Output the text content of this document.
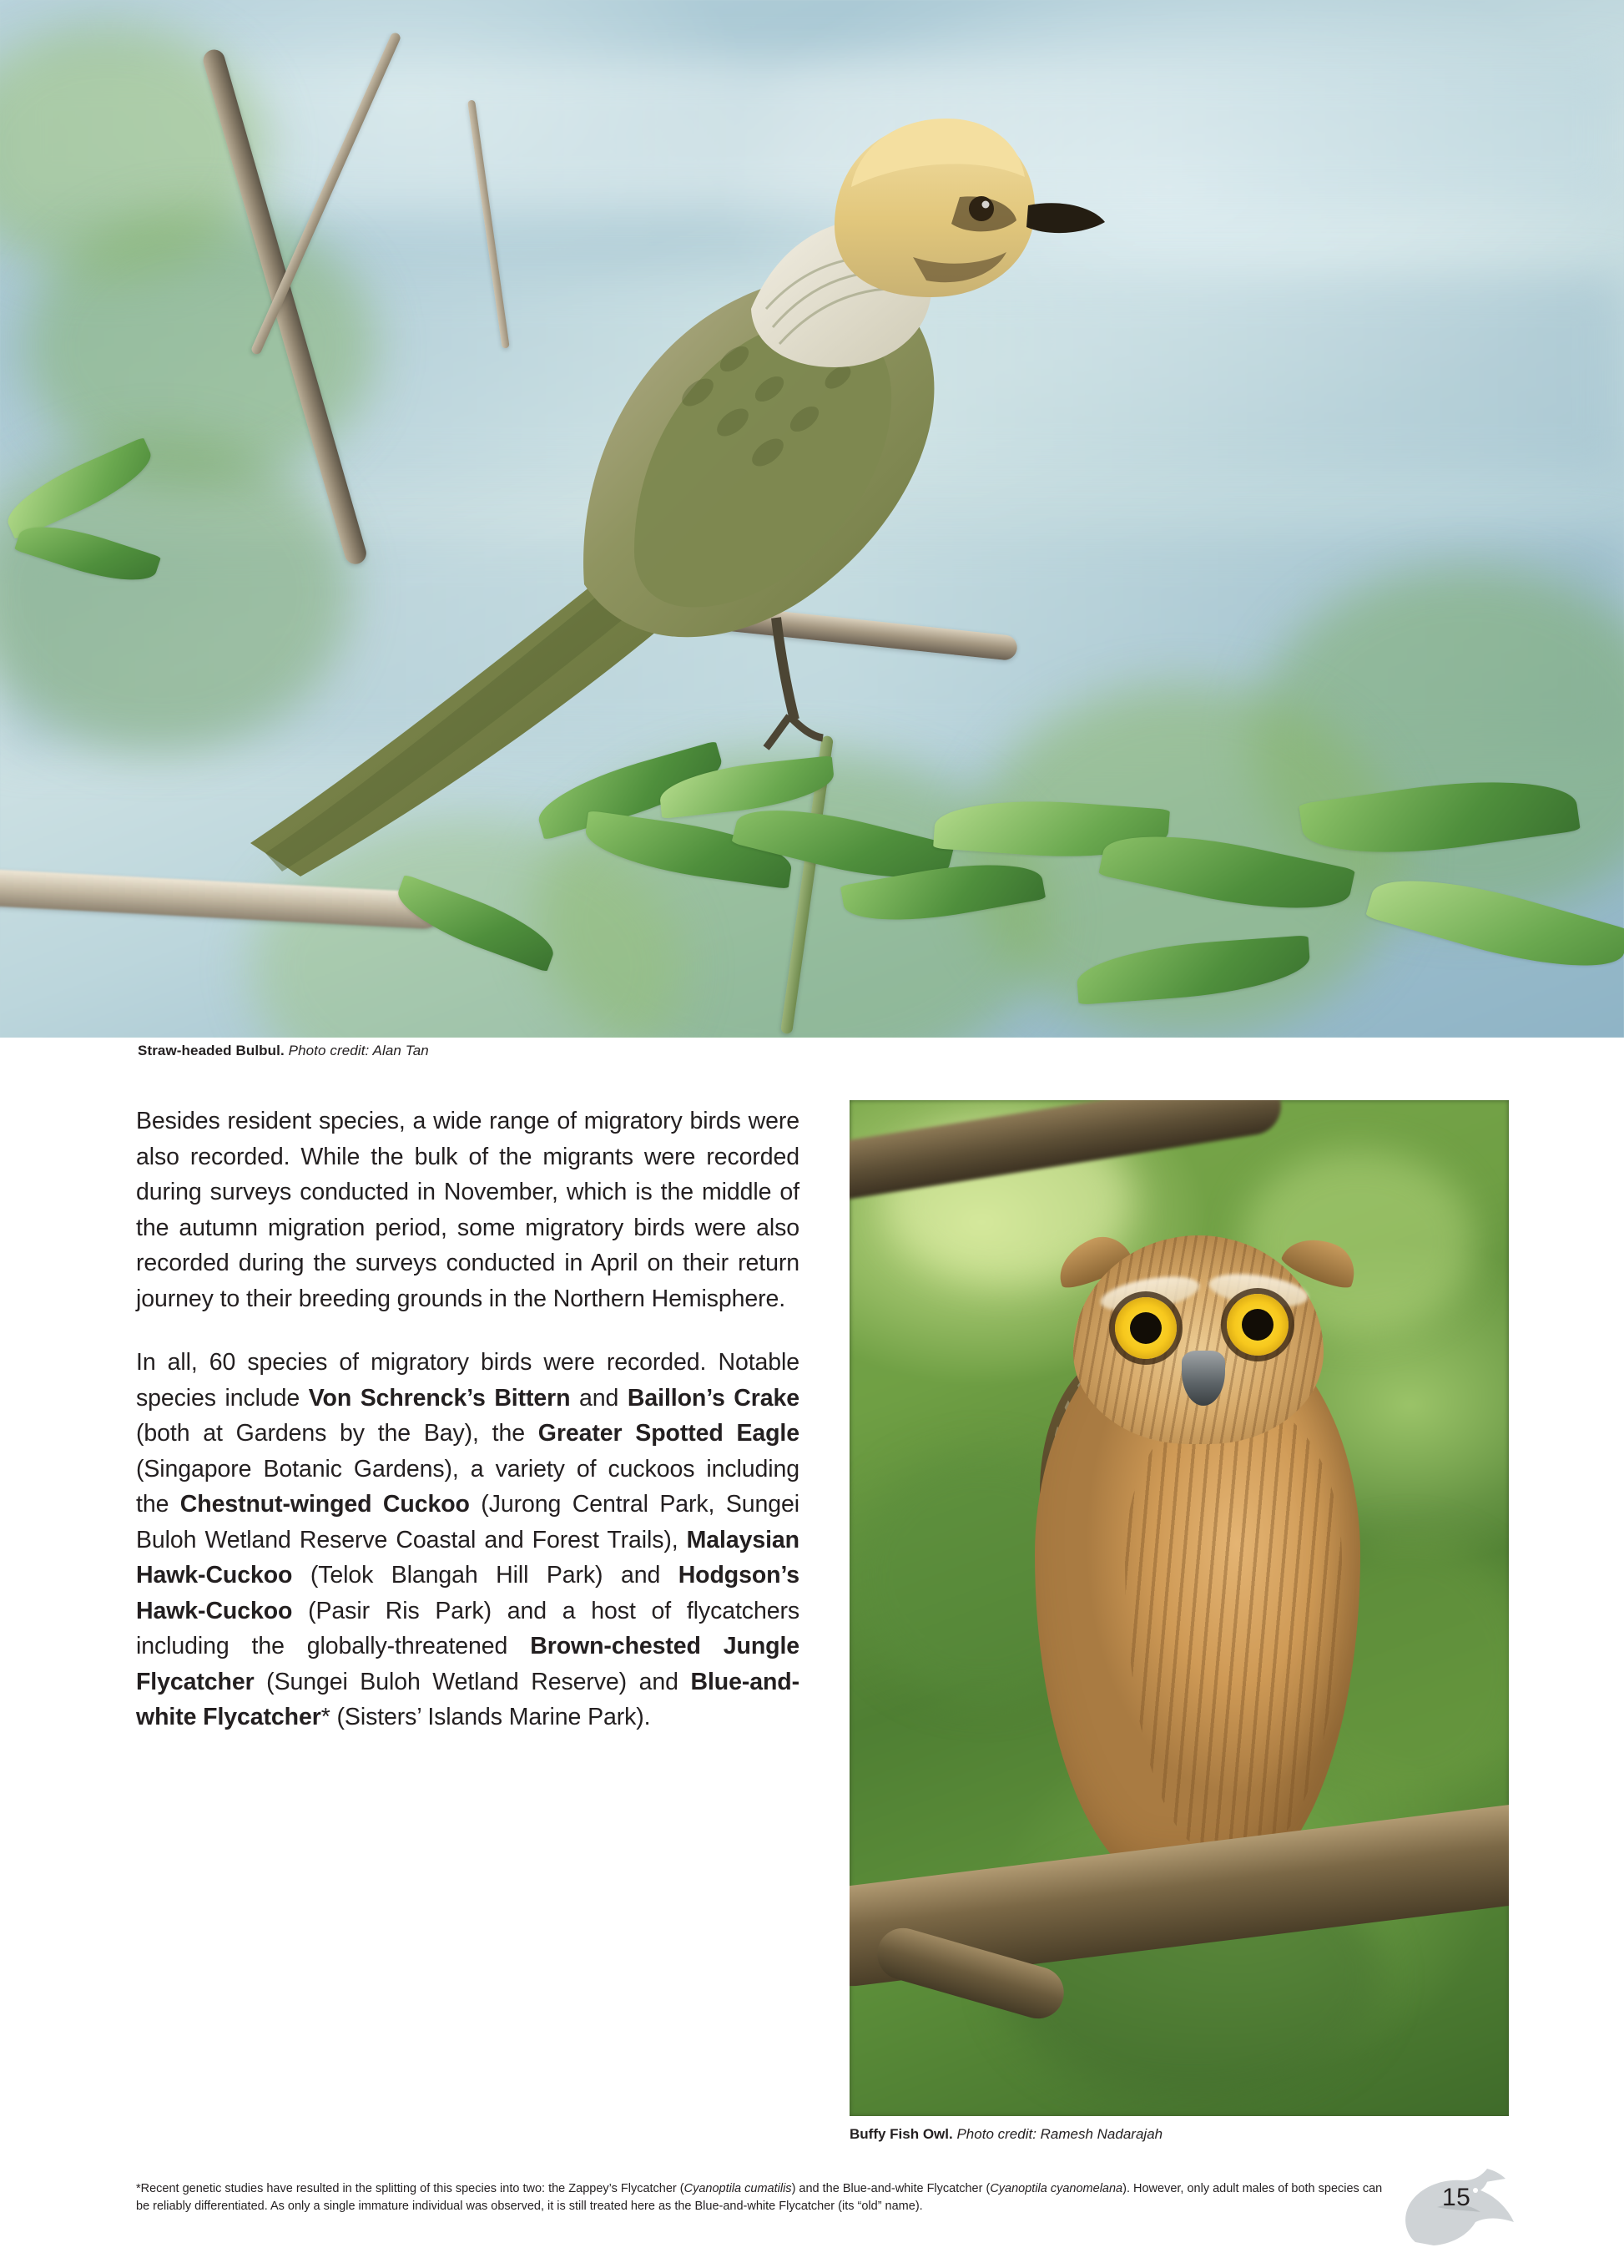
Straw-headed Bulbul. Photo credit: Alan Tan

Besides resident species, a wide range of migratory birds were also recorded. While the bulk of the migrants were recorded during surveys conducted in November, which is the middle of the autumn migration period, some migratory birds were also recorded during the surveys conducted in April on their return journey to their breeding grounds in the Northern Hemisphere.

In all, 60 species of migratory birds were recorded. Notable species include Von Schrenck’s Bittern and Baillon’s Crake (both at Gardens by the Bay), the Greater Spotted Eagle (Singapore Botanic Gardens), a variety of cuckoos including the Chestnut-winged Cuckoo (Jurong Central Park, Sungei Buloh Wetland Reserve Coastal and Forest Trails), Malaysian Hawk-Cuckoo (Telok Blangah Hill Park) and Hodgson’s Hawk-Cuckoo (Pasir Ris Park) and a host of flycatchers including the globally-threatened Brown-chested Jungle Flycatcher (Sungei Buloh Wetland Reserve) and Blue-and-white Flycatcher* (Sisters’ Islands Marine Park).

Buffy Fish Owl. Photo credit: Ramesh Nadarajah
*Recent genetic studies have resulted in the splitting of this species into two: the Zappey’s Flycatcher (Cyanoptila cumatilis) and the Blue-and-white Flycatcher (Cyanoptila cyanomelana). However, only adult males of both species can be reliably differentiated. As only a single immature individual was observed, it is still treated here as the Blue-and-white Flycatcher (its “old” name).	15
